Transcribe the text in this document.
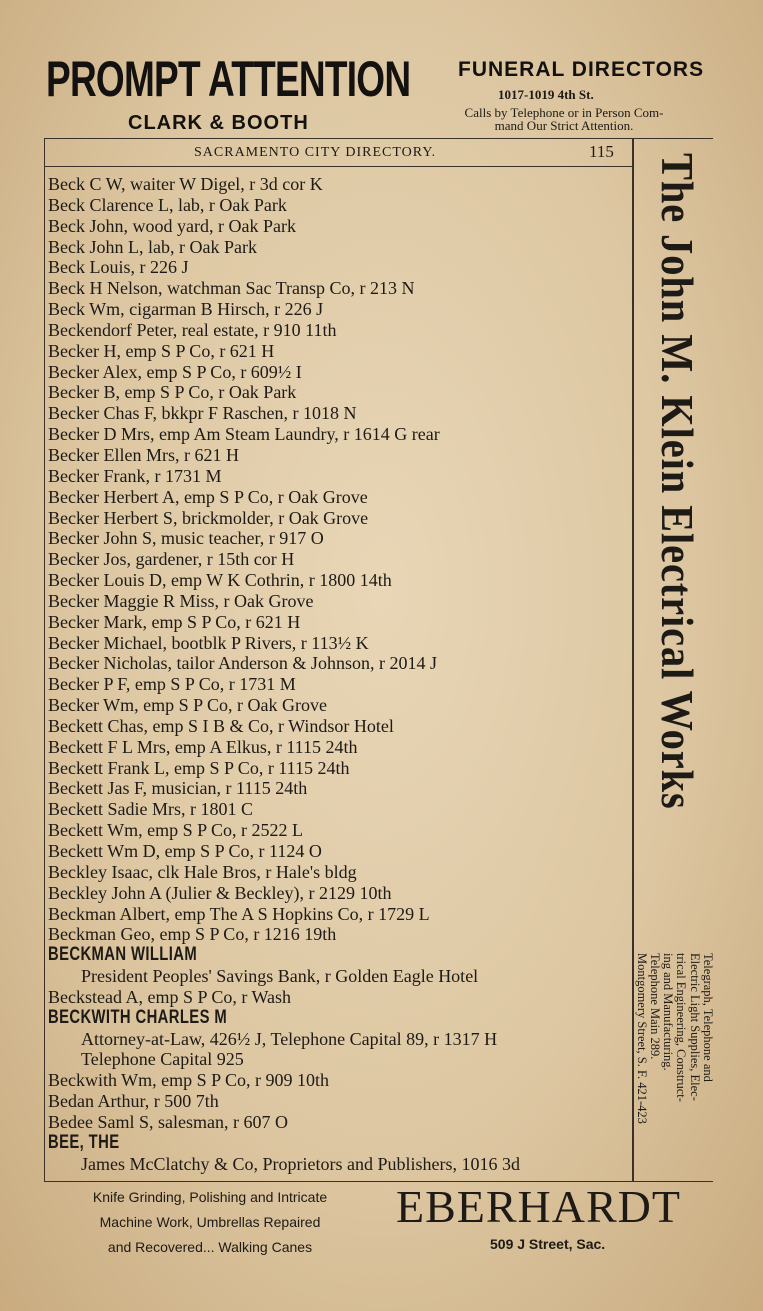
PROMPT ATTENTION
CLARK & BOOTH
FUNERAL DIRECTORS
1017-1019 4th St.
Calls by Telephone or in Person Com-
mand Our Strict Attention.
SACRAMENTO CITY DIRECTORY.	115
Beck C W, waiter W Digel, r 3d cor K
Beck Clarence L, lab, r Oak Park
Beck John, wood yard, r Oak Park
Beck John L, lab, r Oak Park
Beck Louis, r 226 J
Beck H Nelson, watchman Sac Transp Co, r 213 N
Beck Wm, cigarman B Hirsch, r 226 J
Beckendorf Peter, real estate, r 910 11th
Becker H, emp S P Co, r 621 H
Becker Alex, emp S P Co, r 609½ I
Becker B, emp S P Co, r Oak Park
Becker Chas F, bkkpr F Raschen, r 1018 N
Becker D Mrs, emp Am Steam Laundry, r 1614 G rear
Becker Ellen Mrs, r 621 H
Becker Frank, r 1731 M
Becker Herbert A, emp S P Co, r Oak Grove
Becker Herbert S, brickmolder, r Oak Grove
Becker John S, music teacher, r 917 O
Becker Jos, gardener, r 15th cor H
Becker Louis D, emp W K Cothrin, r 1800 14th
Becker Maggie R Miss, r Oak Grove
Becker Mark, emp S P Co, r 621 H
Becker Michael, bootblk P Rivers, r 113½ K
Becker Nicholas, tailor Anderson & Johnson, r 2014 J
Becker P F, emp S P Co, r 1731 M
Becker Wm, emp S P Co, r Oak Grove
Beckett Chas, emp S I B & Co, r Windsor Hotel
Beckett F L Mrs, emp A Elkus, r 1115 24th
Beckett Frank L, emp S P Co, r 1115 24th
Beckett Jas F, musician, r 1115 24th
Beckett Sadie Mrs, r 1801 C
Beckett Wm, emp S P Co, r 2522 L
Beckett Wm D, emp S P Co, r 1124 O
Beckley Isaac, clk Hale Bros, r Hale's bldg
Beckley John A (Julier & Beckley), r 2129 10th
Beckman Albert, emp The A S Hopkins Co, r 1729 L
Beckman Geo, emp S P Co, r 1216 19th
BECKMAN WILLIAM
President Peoples' Savings Bank, r Golden Eagle Hotel
Beckstead A, emp S P Co, r Wash
BECKWITH CHARLES M
Attorney-at-Law, 426½ J, Telephone Capital 89, r 1317 H
Telephone Capital 925
Beckwith Wm, emp S P Co, r 909 10th
Bedan Arthur, r 500 7th
Bedee Saml S, salesman, r 607 O
BEE, THE
James McClatchy & Co, Proprietors and Publishers, 1016 3d
The John M. Klein Electrical Works
Telegraph, Telephone and
Electric Light Supplies, Elec-
trical Engineering, Construct-
ing and Manufacturing.
Telephone Main 289.
Montgomery Street, S. F. 421-423
Knife Grinding, Polishing and Intricate
Machine Work, Umbrellas Repaired
and Recovered... Walking Canes
EBERHARDT
509 J Street, Sac.
